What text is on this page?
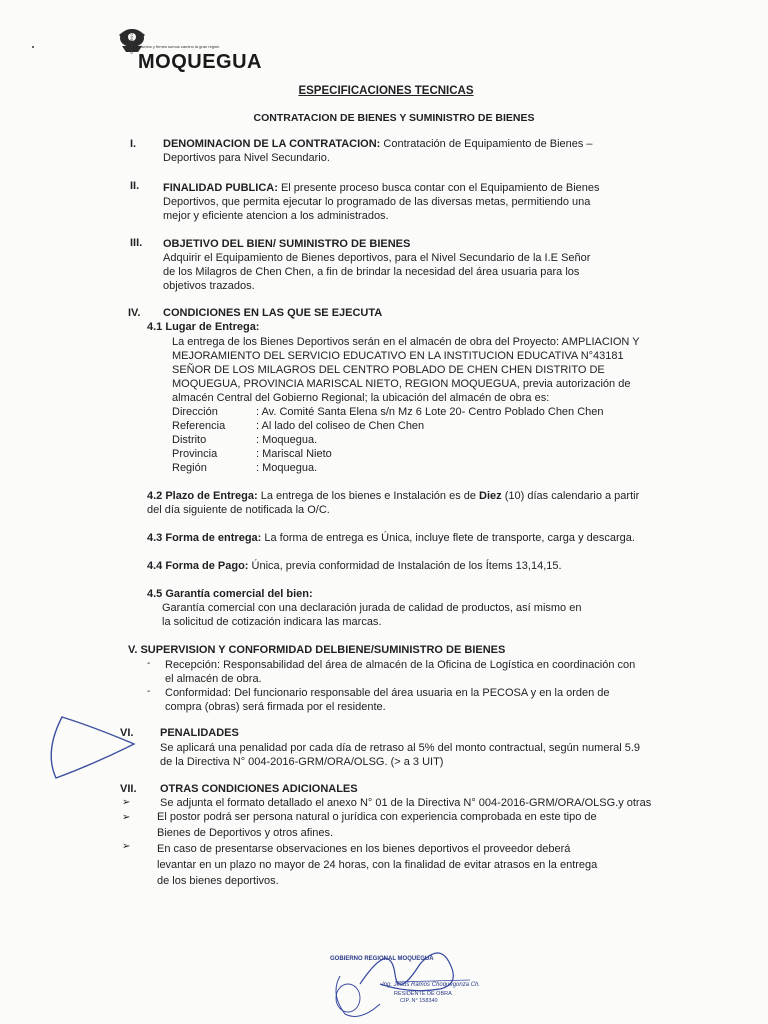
Juntos y firmes somos camino la gran región
GOBIERNO
MOQUEGUA
ESPECIFICACIONES TECNICAS
CONTRATACION DE BIENES Y SUMINISTRO DE BIENES
I. DENOMINACION DE LA CONTRATACION: Contratación de Equipamiento de Bienes –
Deportivos para Nivel Secundario.
II. FINALIDAD PUBLICA: El presente proceso busca contar con el Equipamiento de Bienes
Deportivos, que permita ejecutar lo programado de las diversas metas, permitiendo una
mejor y eficiente atencion a los administrados.
III. OBJETIVO DEL BIEN/ SUMINISTRO DE BIENES
Adquirir el Equipamiento de Bienes deportivos, para el Nivel Secundario de la I.E Señor
de los Milagros de Chen Chen, a fin de brindar la necesidad del área usuaria para los
objetivos trazados.
IV. CONDICIONES EN LAS QUE SE EJECUTA
4.1 Lugar de Entrega:
La entrega de los Bienes Deportivos serán en el almacén de obra del Proyecto: AMPLIACION Y
MEJORAMIENTO DEL SERVICIO EDUCATIVO EN LA INSTITUCION EDUCATIVA N°43181
SEÑOR DE LOS MILAGROS DEL CENTRO POBLADO DE CHEN CHEN DISTRITO DE
MOQUEGUA, PROVINCIA MARISCAL NIETO, REGION MOQUEGUA, previa autorización de
almacén Central del Gobierno Regional; la ubicación del almacén de obra es:
Dirección	: Av. Comité Santa Elena s/n Mz 6 Lote 20- Centro Poblado Chen Chen
Referencia	: Al lado del coliseo de Chen Chen
Distrito	: Moquegua.
Provincia	: Mariscal Nieto
Región	: Moquegua.
4.2 Plazo de Entrega: La entrega de los bienes e Instalación es de Diez (10) días calendario a partir
del día siguiente de notificada la O/C.
4.3 Forma de entrega: La forma de entrega es Única, incluye flete de transporte, carga y descarga.
4.4 Forma de Pago: Única, previa conformidad de Instalación de los Ítems 13,14,15.
4.5 Garantía comercial del bien:
Garantía comercial con una declaración jurada de calidad de productos, así mismo en
la solicitud de cotización indicara las marcas.
V. SUPERVISION Y CONFORMIDAD DELBIENE/SUMINISTRO DE BIENES
- Recepción: Responsabilidad del área de almacén de la Oficina de Logística en coordinación con
el almacén de obra.
- Conformidad: Del funcionario responsable del área usuaria en la PECOSA y en la orden de
compra (obras) será firmada por el residente.
VI. PENALIDADES
Se aplicará una penalidad por cada día de retraso al 5% del monto contractual, según numeral 5.9
de la Directiva N° 004-2016-GRM/ORA/OLSG. (> a 3 UIT)
VII. OTRAS CONDICIONES ADICIONALES
➢	Se adjunta el formato detallado el anexo N° 01 de la Directiva N° 004-2016-GRM/ORA/OLSG.y otras
➢ El postor podrá ser persona natural o jurídica con experiencia comprobada en este tipo de
Bienes de Deportivos y otros afines.
➢ En caso de presentarse observaciones en los bienes deportivos el proveedor deberá
levantar en un plazo no mayor de 24 horas, con la finalidad de evitar atrasos en la entrega
de los bienes deportivos.
GOBIERNO REGIONAL MOQUEGUA
Ing. Jesús Ramos Choquegonza Ch.
RESIDENTE DE OBRA
CIP. N° 158340
